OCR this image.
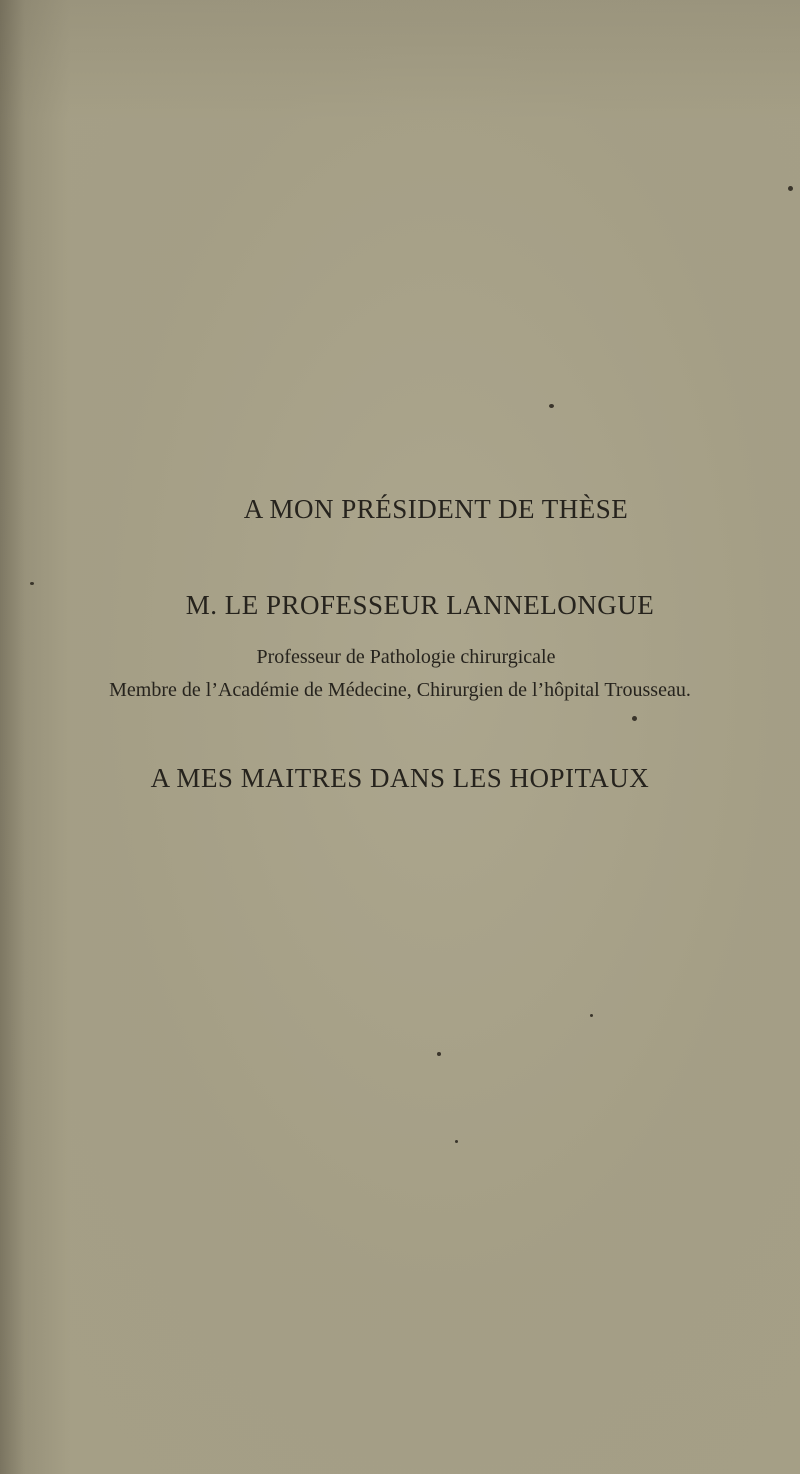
A MON PRÉSIDENT DE THÈSE
M. LE PROFESSEUR LANNELONGUE
Professeur de Pathologie chirurgicale
Membre de l’Académie de Médecine, Chirurgien de l’hôpital Trousseau.
A MES MAITRES DANS LES HOPITAUX
